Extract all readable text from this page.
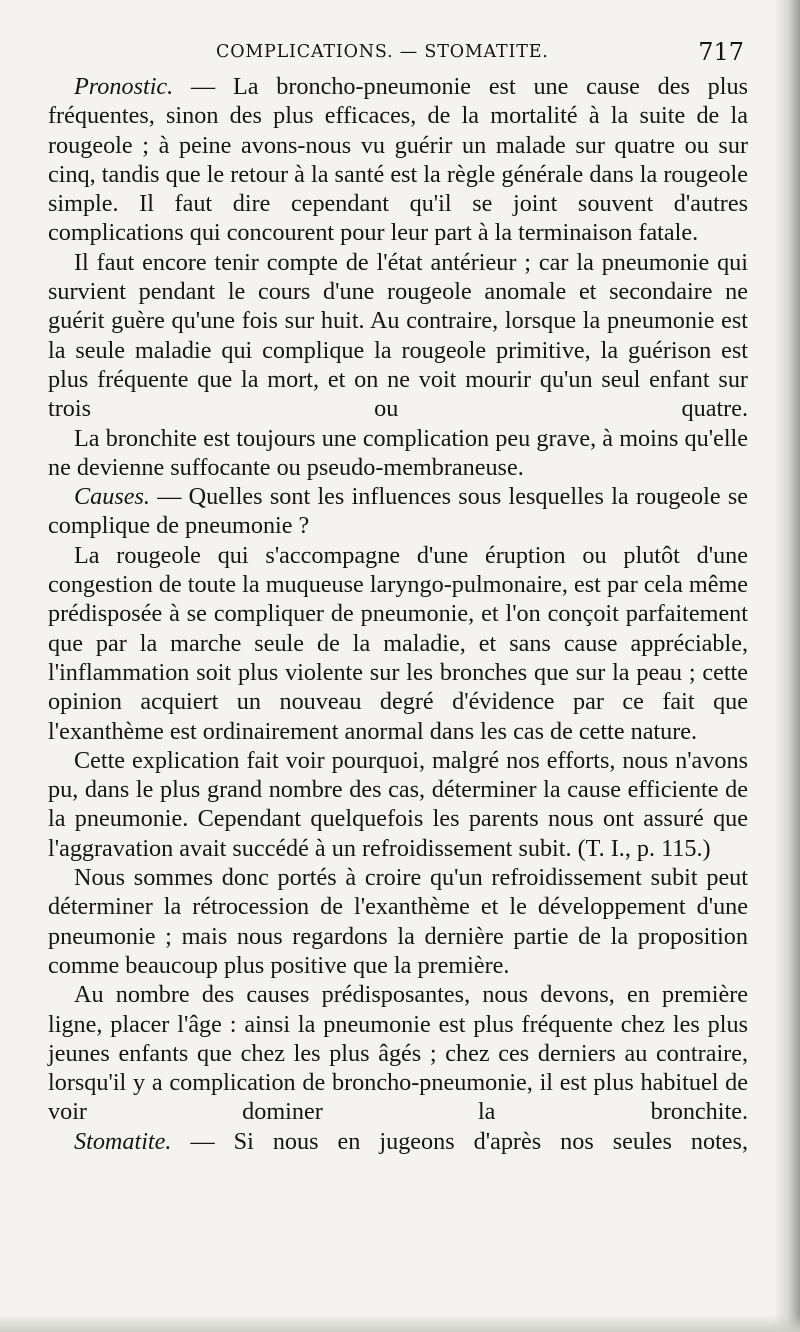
COMPLICATIONS. — STOMATITE.	717

Pronostic. — La broncho-pneumonie est une cause des plus fréquentes, sinon des plus efficaces, de la mortalité à la suite de la rougeole ; à peine avons-nous vu guérir un malade sur quatre ou sur cinq, tandis que le retour à la santé est la règle générale dans la rougeole simple. Il faut dire cependant qu'il se joint souvent d'autres complications qui concourent pour leur part à la terminaison fatale.

Il faut encore tenir compte de l'état antérieur ; car la pneumonie qui survient pendant le cours d'une rougeole anomale et secondaire ne guérit guère qu'une fois sur huit. Au contraire, lorsque la pneumonie est la seule maladie qui complique la rougeole primitive, la guérison est plus fréquente que la mort, et on ne voit mourir qu'un seul enfant sur trois ou quatre.

La bronchite est toujours une complication peu grave, à moins qu'elle ne devienne suffocante ou pseudo-membraneuse.

Causes. — Quelles sont les influences sous lesquelles la rougeole se complique de pneumonie ?

La rougeole qui s'accompagne d'une éruption ou plutôt d'une congestion de toute la muqueuse laryngo-pulmonaire, est par cela même prédisposée à se compliquer de pneumonie, et l'on conçoit parfaitement que par la marche seule de la maladie, et sans cause appréciable, l'inflammation soit plus violente sur les bronches que sur la peau ; cette opinion acquiert un nouveau degré d'évidence par ce fait que l'exanthème est ordinairement anormal dans les cas de cette nature.

Cette explication fait voir pourquoi, malgré nos efforts, nous n'avons pu, dans le plus grand nombre des cas, déterminer la cause efficiente de la pneumonie. Cependant quelquefois les parents nous ont assuré que l'aggravation avait succédé à un refroidissement subit. (T. I., p. 115.)

Nous sommes donc portés à croire qu'un refroidissement subit peut déterminer la rétrocession de l'exanthème et le développement d'une pneumonie ; mais nous regardons la dernière partie de la proposition comme beaucoup plus positive que la première.

Au nombre des causes prédisposantes, nous devons, en première ligne, placer l'âge : ainsi la pneumonie est plus fréquente chez les plus jeunes enfants que chez les plus âgés ; chez ces derniers au contraire, lorsqu'il y a complication de broncho-pneumonie, il est plus habituel de voir dominer la bronchite.

Stomatite. — Si nous en jugeons d'après nos seules notes,
